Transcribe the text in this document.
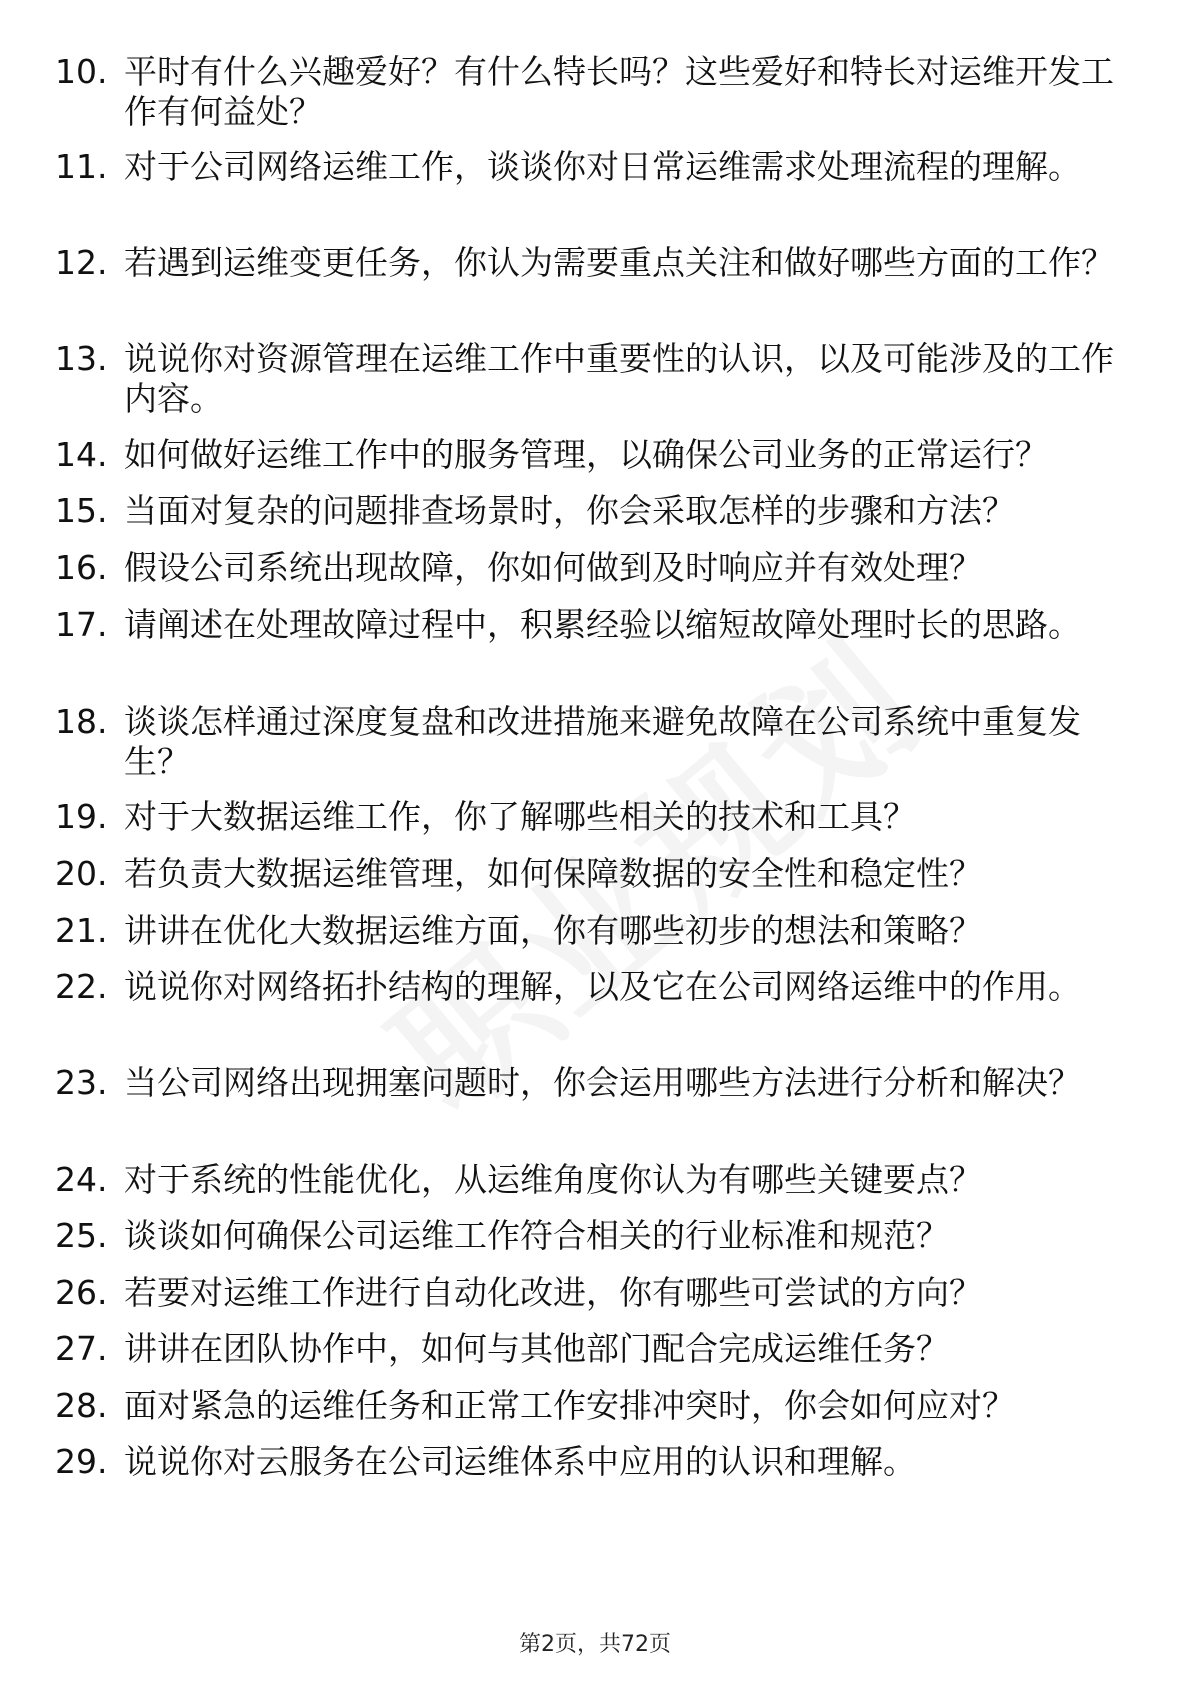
10. 平时有什么兴趣爱好？有什么特长吗？这些爱好和特长对运维开发工作有何益处？
11. 对于公司网络运维工作，谈谈你对日常运维需求处理流程的理解。
12. 若遇到运维变更任务，你认为需要重点关注和做好哪些方面的工作？
13. 说说你对资源管理在运维工作中重要性的认识，以及可能涉及的工作内容。
14. 如何做好运维工作中的服务管理，以确保公司业务的正常运行？
15. 当面对复杂的问题排查场景时，你会采取怎样的步骤和方法？
16. 假设公司系统出现故障，你如何做到及时响应并有效处理？
17. 请阐述在处理故障过程中，积累经验以缩短故障处理时长的思路。
18. 谈谈怎样通过深度复盘和改进措施来避免故障在公司系统中重复发生？
19. 对于大数据运维工作，你了解哪些相关的技术和工具？
20. 若负责大数据运维管理，如何保障数据的安全性和稳定性？
21. 讲讲在优化大数据运维方面，你有哪些初步的想法和策略？
22. 说说你对网络拓扑结构的理解，以及它在公司网络运维中的作用。
23. 当公司网络出现拥塞问题时，你会运用哪些方法进行分析和解决？
24. 对于系统的性能优化，从运维角度你认为有哪些关键要点？
25. 谈谈如何确保公司运维工作符合相关的行业标准和规范？
26. 若要对运维工作进行自动化改进，你有哪些可尝试的方向？
27. 讲讲在团队协作中，如何与其他部门配合完成运维任务？
28. 面对紧急的运维任务和正常工作安排冲突时，你会如何应对？
29. 说说你对云服务在公司运维体系中应用的认识和理解。
第2页，共72页
